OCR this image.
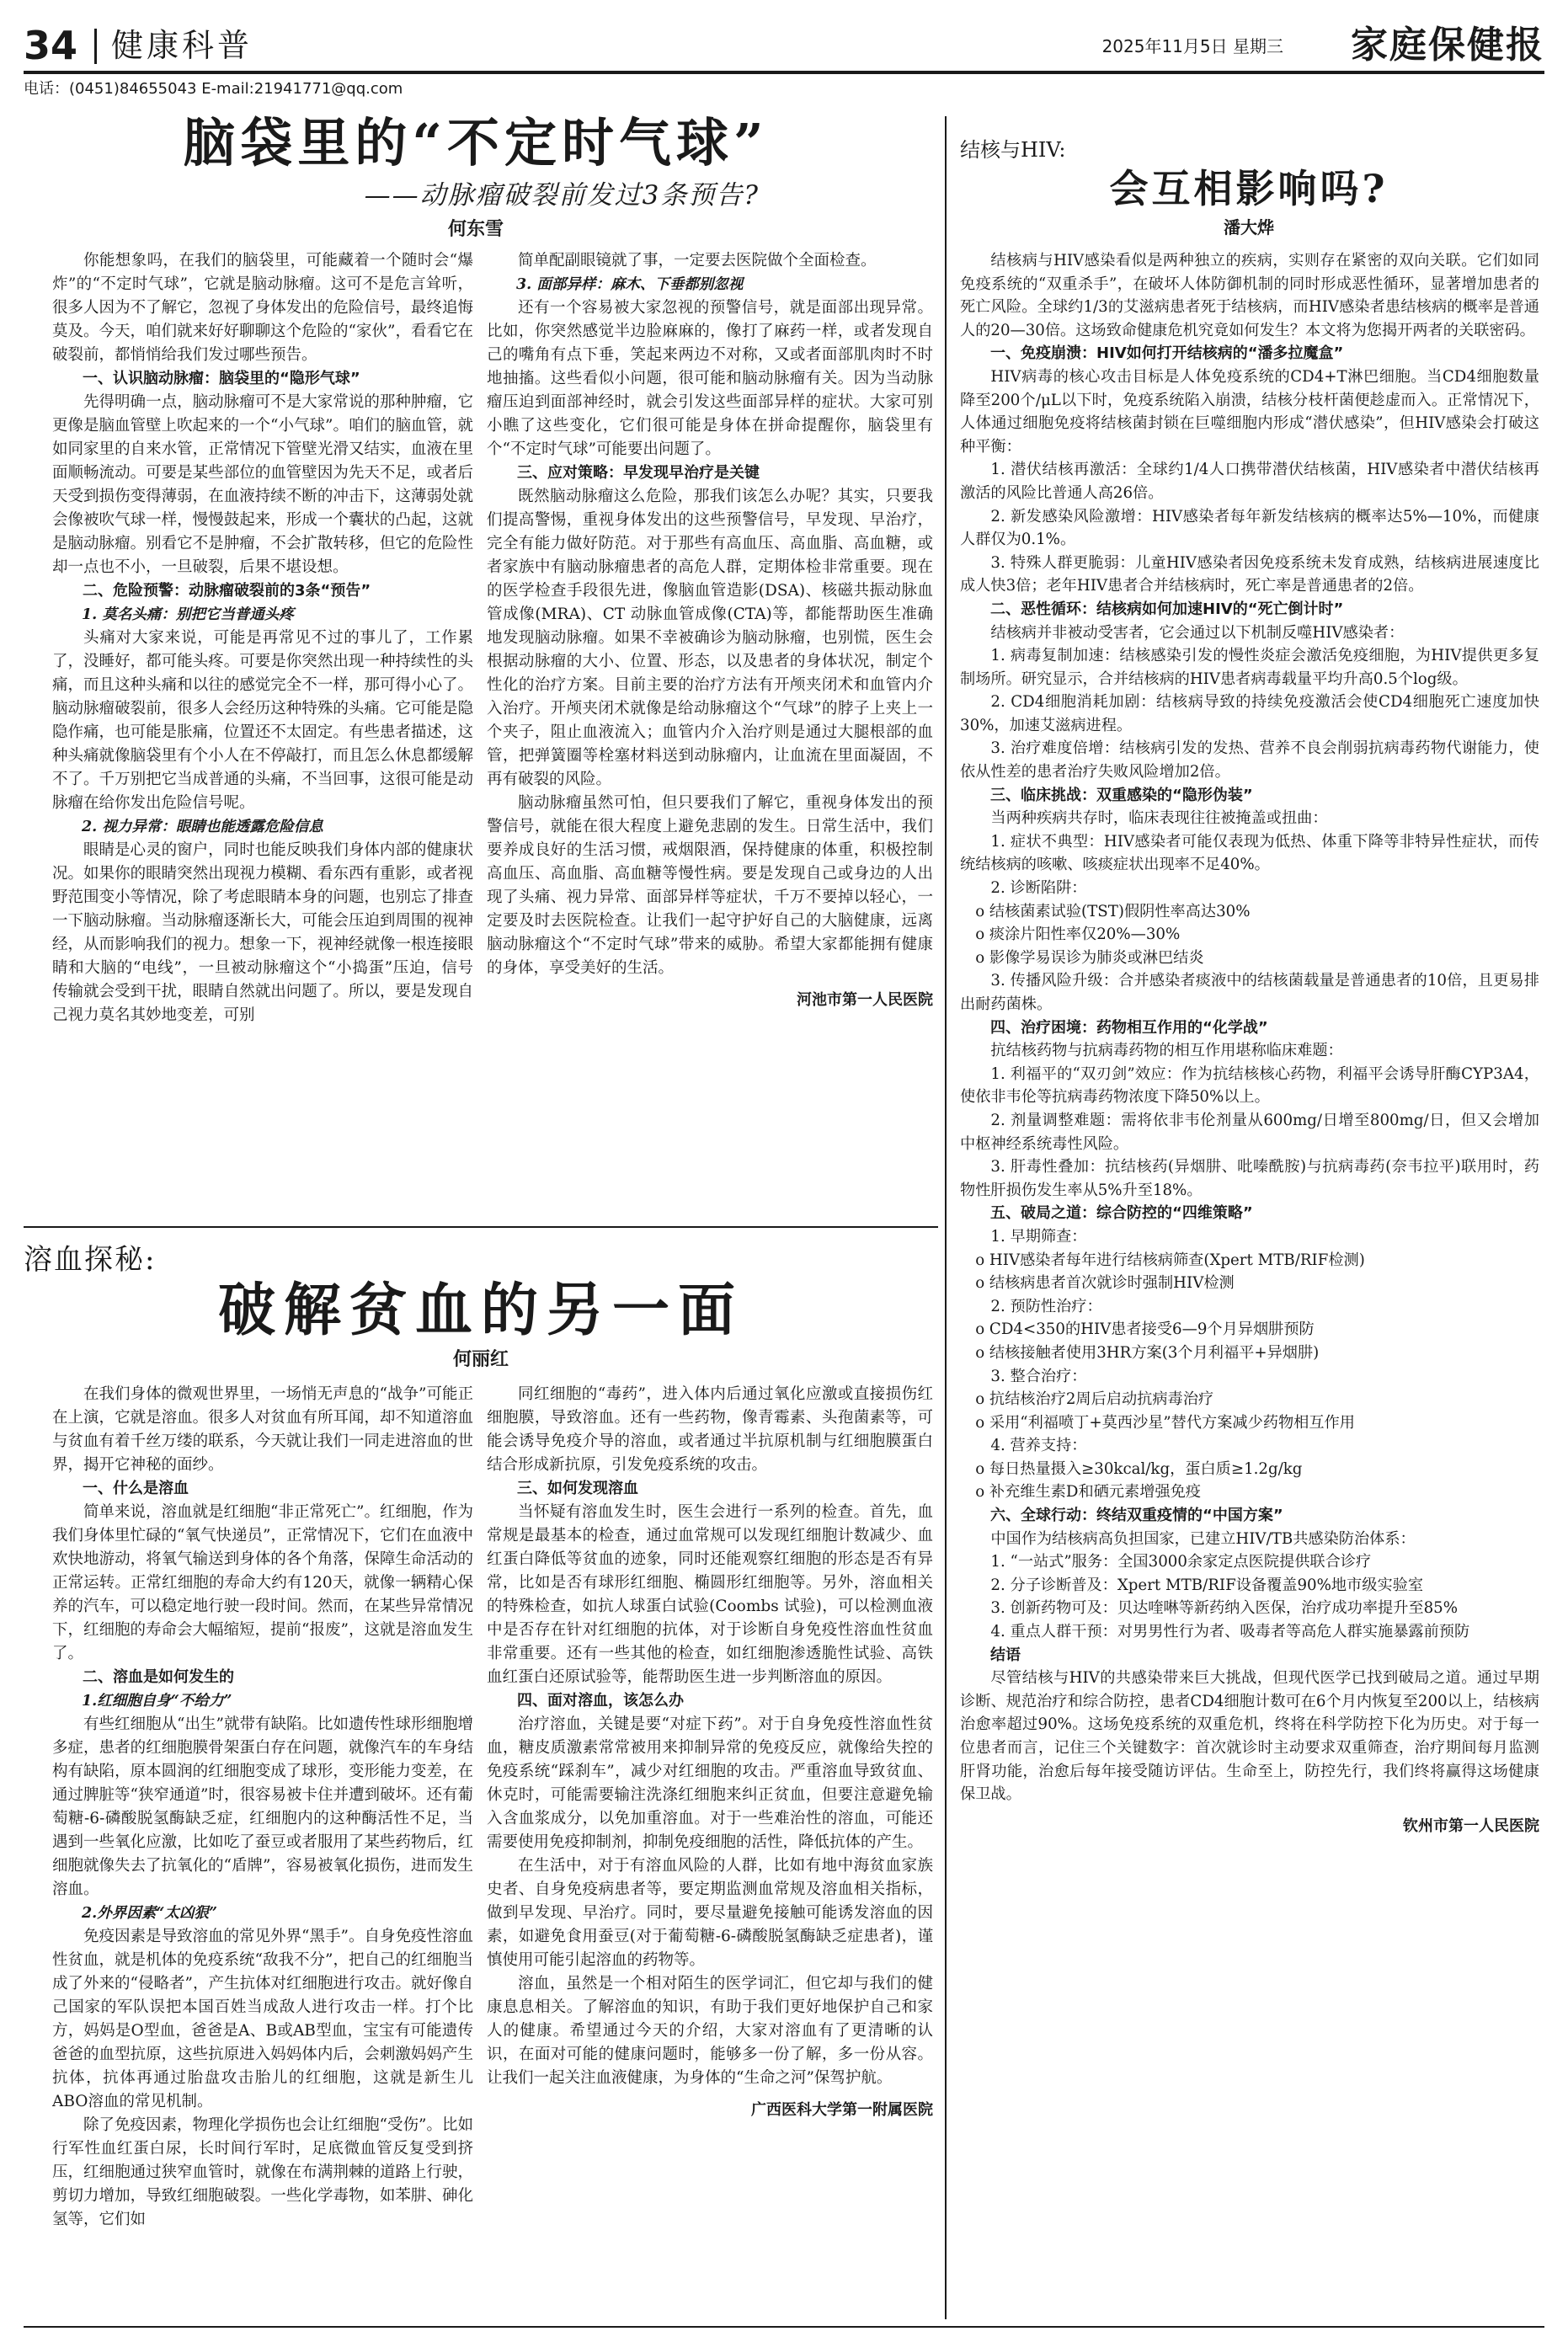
34 健康科普	2025年11月5日 星期三 家庭保健报
电话：(0451)84655043 E-mail:21941771@qq.com
脑袋里的“不定时气球”
——动脉瘤破裂前发过3条预告?
何东雪

你能想象吗，在我们的脑袋里，可能藏着一个随时会“爆炸”的“不定时气球”，它就是脑动脉瘤。这可不是危言耸听，很多人因为不了解它，忽视了身体发出的危险信号，最终追悔莫及。今天，咱们就来好好聊聊这个危险的“家伙”，看看它在破裂前，都悄悄给我们发过哪些预告。

一、认识脑动脉瘤：脑袋里的“隐形气球”

先得明确一点，脑动脉瘤可不是大家常说的那种肿瘤，它更像是脑血管壁上吹起来的一个“小气球”。咱们的脑血管，就如同家里的自来水管，正常情况下管壁光滑又结实，血液在里面顺畅流动。可要是某些部位的血管壁因为先天不足，或者后天受到损伤变得薄弱，在血液持续不断的冲击下，这薄弱处就会像被吹气球一样，慢慢鼓起来，形成一个囊状的凸起，这就是脑动脉瘤。别看它不是肿瘤，不会扩散转移，但它的危险性却一点也不小，一旦破裂，后果不堪设想。

二、危险预警：动脉瘤破裂前的3条“预告”

1. 莫名头痛：别把它当普通头疼

头痛对大家来说，可能是再常见不过的事儿了，工作累了，没睡好，都可能头疼。可要是你突然出现一种持续性的头痛，而且这种头痛和以往的感觉完全不一样，那可得小心了。脑动脉瘤破裂前，很多人会经历这种特殊的头痛。它可能是隐隐作痛，也可能是胀痛，位置还不太固定。有些患者描述，这种头痛就像脑袋里有个小人在不停敲打，而且怎么休息都缓解不了。千万别把它当成普通的头痛，不当回事，这很可能是动脉瘤在给你发出危险信号呢。

2. 视力异常：眼睛也能透露危险信息

眼睛是心灵的窗户，同时也能反映我们身体内部的健康状况。如果你的眼睛突然出现视力模糊、看东西有重影，或者视野范围变小等情况，除了考虑眼睛本身的问题，也别忘了排查一下脑动脉瘤。当动脉瘤逐渐长大，可能会压迫到周围的视神经，从而影响我们的视力。想象一下，视神经就像一根连接眼睛和大脑的“电线”，一旦被动脉瘤这个“小捣蛋”压迫，信号传输就会受到干扰，眼睛自然就出问题了。所以，要是发现自己视力莫名其妙地变差，可别

简单配副眼镜就了事，一定要去医院做个全面检查。

3. 面部异样：麻木、下垂都别忽视

还有一个容易被大家忽视的预警信号，就是面部出现异常。比如，你突然感觉半边脸麻麻的，像打了麻药一样，或者发现自己的嘴角有点下垂，笑起来两边不对称，又或者面部肌肉时不时地抽搐。这些看似小问题，很可能和脑动脉瘤有关。因为当动脉瘤压迫到面部神经时，就会引发这些面部异样的症状。大家可别小瞧了这些变化，它们很可能是身体在拼命提醒你，脑袋里有个“不定时气球”可能要出问题了。

三、应对策略：早发现早治疗是关键

既然脑动脉瘤这么危险，那我们该怎么办呢？其实，只要我们提高警惕，重视身体发出的这些预警信号，早发现、早治疗，完全有能力做好防范。对于那些有高血压、高血脂、高血糖，或者家族中有脑动脉瘤患者的高危人群，定期体检非常重要。现在的医学检查手段很先进，像脑血管造影(DSA)、核磁共振动脉血管成像(MRA)、CT 动脉血管成像(CTA)等，都能帮助医生准确地发现脑动脉瘤。如果不幸被确诊为脑动脉瘤，也别慌，医生会根据动脉瘤的大小、位置、形态，以及患者的身体状况，制定个性化的治疗方案。目前主要的治疗方法有开颅夹闭术和血管内介入治疗。开颅夹闭术就像是给动脉瘤这个“气球”的脖子上夹上一个夹子，阻止血液流入；血管内介入治疗则是通过大腿根部的血管，把弹簧圈等栓塞材料送到动脉瘤内，让血流在里面凝固，不再有破裂的风险。

脑动脉瘤虽然可怕，但只要我们了解它，重视身体发出的预警信号，就能在很大程度上避免悲剧的发生。日常生活中，我们要养成良好的生活习惯，戒烟限酒，保持健康的体重，积极控制高血压、高血脂、高血糖等慢性病。要是发现自己或身边的人出现了头痛、视力异常、面部异样等症状，千万不要掉以轻心，一定要及时去医院检查。让我们一起守护好自己的大脑健康，远离脑动脉瘤这个“不定时气球”带来的威胁。希望大家都能拥有健康的身体，享受美好的生活。

河池市第一人民医院

溶血探秘:
破解贫血的另一面
何丽红

在我们身体的微观世界里，一场悄无声息的“战争”可能正在上演，它就是溶血。很多人对贫血有所耳闻，却不知道溶血与贫血有着千丝万缕的联系，今天就让我们一同走进溶血的世界，揭开它神秘的面纱。

一、什么是溶血

简单来说，溶血就是红细胞“非正常死亡”。红细胞，作为我们身体里忙碌的“氧气快递员”，正常情况下，它们在血液中欢快地游动，将氧气输送到身体的各个角落，保障生命活动的正常运转。正常红细胞的寿命大约有120天，就像一辆精心保养的汽车，可以稳定地行驶一段时间。然而，在某些异常情况下，红细胞的寿命会大幅缩短，提前“报废”，这就是溶血发生了。

二、溶血是如何发生的

1.红细胞自身“不给力”

有些红细胞从“出生”就带有缺陷。比如遗传性球形细胞增多症，患者的红细胞膜骨架蛋白存在问题，就像汽车的车身结构有缺陷，原本圆润的红细胞变成了球形，变形能力变差，在通过脾脏等“狭窄通道”时，很容易被卡住并遭到破坏。还有葡萄糖-6-磷酸脱氢酶缺乏症，红细胞内的这种酶活性不足，当遇到一些氧化应激，比如吃了蚕豆或者服用了某些药物后，红细胞就像失去了抗氧化的“盾牌”，容易被氧化损伤，进而发生溶血。

2.外界因素“太凶狠”

免疫因素是导致溶血的常见外界“黑手”。自身免疫性溶血性贫血，就是机体的免疫系统“敌我不分”，把自己的红细胞当成了外来的“侵略者”，产生抗体对红细胞进行攻击。就好像自己国家的军队误把本国百姓当成敌人进行攻击一样。打个比方，妈妈是O型血，爸爸是A、B或AB型血，宝宝有可能遗传爸爸的血型抗原，这些抗原进入妈妈体内后，会刺激妈妈产生抗体，抗体再通过胎盘攻击胎儿的红细胞，这就是新生儿ABO溶血的常见机制。

除了免疫因素，物理化学损伤也会让红细胞“受伤”。比如行军性血红蛋白尿，长时间行军时，足底微血管反复受到挤压，红细胞通过狭窄血管时，就像在布满荆棘的道路上行驶，剪切力增加，导致红细胞破裂。一些化学毒物，如苯肼、砷化氢等，它们如

同红细胞的“毒药”，进入体内后通过氧化应激或直接损伤红细胞膜，导致溶血。还有一些药物，像青霉素、头孢菌素等，可能会诱导免疫介导的溶血，或者通过半抗原机制与红细胞膜蛋白结合形成新抗原，引发免疫系统的攻击。

三、如何发现溶血

当怀疑有溶血发生时，医生会进行一系列的检查。首先，血常规是最基本的检查，通过血常规可以发现红细胞计数减少、血红蛋白降低等贫血的迹象，同时还能观察红细胞的形态是否有异常，比如是否有球形红细胞、椭圆形红细胞等。另外，溶血相关的特殊检查，如抗人球蛋白试验(Coombs 试验)，可以检测血液中是否存在针对红细胞的抗体，对于诊断自身免疫性溶血性贫血非常重要。还有一些其他的检查，如红细胞渗透脆性试验、高铁血红蛋白还原试验等，能帮助医生进一步判断溶血的原因。

四、面对溶血，该怎么办

治疗溶血，关键是要“对症下药”。对于自身免疫性溶血性贫血，糖皮质激素常常被用来抑制异常的免疫反应，就像给失控的免疫系统“踩刹车”，减少对红细胞的攻击。严重溶血导致贫血、休克时，可能需要输注洗涤红细胞来纠正贫血，但要注意避免输入含血浆成分，以免加重溶血。对于一些难治性的溶血，可能还需要使用免疫抑制剂，抑制免疫细胞的活性，降低抗体的产生。

在生活中，对于有溶血风险的人群，比如有地中海贫血家族史者、自身免疫病患者等，要定期监测血常规及溶血相关指标，做到早发现、早治疗。同时，要尽量避免接触可能诱发溶血的因素，如避免食用蚕豆(对于葡萄糖-6-磷酸脱氢酶缺乏症患者)，谨慎使用可能引起溶血的药物等。

溶血，虽然是一个相对陌生的医学词汇，但它却与我们的健康息息相关。了解溶血的知识，有助于我们更好地保护自己和家人的健康。希望通过今天的介绍，大家对溶血有了更清晰的认识，在面对可能的健康问题时，能够多一份了解，多一份从容。让我们一起关注血液健康，为身体的“生命之河”保驾护航。

广西医科大学第一附属医院

结核与HIV:
会互相影响吗?
潘大烨

结核病与HIV感染看似是两种独立的疾病，实则存在紧密的双向关联。它们如同免疫系统的“双重杀手”，在破坏人体防御机制的同时形成恶性循环，显著增加患者的死亡风险。全球约1/3的艾滋病患者死于结核病，而HIV感染者患结核病的概率是普通人的20—30倍。这场致命健康危机究竟如何发生？本文将为您揭开两者的关联密码。

一、免疫崩溃：HIV如何打开结核病的“潘多拉魔盒”

HIV病毒的核心攻击目标是人体免疫系统的CD4+T淋巴细胞。当CD4细胞数量降至200个/μL以下时，免疫系统陷入崩溃，结核分枝杆菌便趁虚而入。正常情况下，人体通过细胞免疫将结核菌封锁在巨噬细胞内形成“潜伏感染”，但HIV感染会打破这种平衡：

1. 潜伏结核再激活：全球约1/4人口携带潜伏结核菌，HIV感染者中潜伏结核再激活的风险比普通人高26倍。

2. 新发感染风险激增：HIV感染者每年新发结核病的概率达5%—10%，而健康人群仅为0.1%。

3. 特殊人群更脆弱：儿童HIV感染者因免疫系统未发育成熟，结核病进展速度比成人快3倍；老年HIV患者合并结核病时，死亡率是普通患者的2倍。

二、恶性循环：结核病如何加速HIV的“死亡倒计时”

结核病并非被动受害者，它会通过以下机制反噬HIV感染者：

1. 病毒复制加速：结核感染引发的慢性炎症会激活免疫细胞，为HIV提供更多复制场所。研究显示，合并结核病的HIV患者病毒载量平均升高0.5个log级。

2. CD4细胞消耗加剧：结核病导致的持续免疫激活会使CD4细胞死亡速度加快30%，加速艾滋病进程。

3. 治疗难度倍增：结核病引发的发热、营养不良会削弱抗病毒药物代谢能力，使依从性差的患者治疗失败风险增加2倍。

三、临床挑战：双重感染的“隐形伪装”

当两种疾病共存时，临床表现往往被掩盖或扭曲：

1. 症状不典型：HIV感染者可能仅表现为低热、体重下降等非特异性症状，而传统结核病的咳嗽、咳痰症状出现率不足40%。

2. 诊断陷阱：

o 结核菌素试验(TST)假阴性率高达30%

o 痰涂片阳性率仅20%—30%

o 影像学易误诊为肺炎或淋巴结炎

3. 传播风险升级：合并感染者痰液中的结核菌载量是普通患者的10倍，且更易排出耐药菌株。

四、治疗困境：药物相互作用的“化学战”

抗结核药物与抗病毒药物的相互作用堪称临床难题：

1. 利福平的“双刃剑”效应：作为抗结核核心药物，利福平会诱导肝酶CYP3A4，使依非韦伦等抗病毒药物浓度下降50%以上。

2. 剂量调整难题：需将依非韦伦剂量从600mg/日增至800mg/日，但又会增加中枢神经系统毒性风险。

3. 肝毒性叠加：抗结核药(异烟肼、吡嗪酰胺)与抗病毒药(奈韦拉平)联用时，药物性肝损伤发生率从5%升至18%。

五、破局之道：综合防控的“四维策略”

1. 早期筛查：

o HIV感染者每年进行结核病筛查(Xpert MTB/RIF检测)

o 结核病患者首次就诊时强制HIV检测

2. 预防性治疗：

o CD4<350的HIV患者接受6—9个月异烟肼预防

o 结核接触者使用3HR方案(3个月利福平+异烟肼)

3. 整合治疗：

o 抗结核治疗2周后启动抗病毒治疗

o 采用“利福喷丁+莫西沙星”替代方案减少药物相互作用

4. 营养支持：

o 每日热量摄入≥30kcal/kg，蛋白质≥1.2g/kg

o 补充维生素D和硒元素增强免疫

六、全球行动：终结双重疫情的“中国方案”

中国作为结核病高负担国家，已建立HIV/TB共感染防治体系：

1. “一站式”服务：全国3000余家定点医院提供联合诊疗

2. 分子诊断普及：Xpert MTB/RIF设备覆盖90%地市级实验室

3. 创新药物可及：贝达喹啉等新药纳入医保，治疗成功率提升至85%

4. 重点人群干预：对男男性行为者、吸毒者等高危人群实施暴露前预防

结语

尽管结核与HIV的共感染带来巨大挑战，但现代医学已找到破局之道。通过早期诊断、规范治疗和综合防控，患者CD4细胞计数可在6个月内恢复至200以上，结核病治愈率超过90%。这场免疫系统的双重危机，终将在科学防控下化为历史。对于每一位患者而言，记住三个关键数字：首次就诊时主动要求双重筛查，治疗期间每月监测肝肾功能，治愈后每年接受随访评估。生命至上，防控先行，我们终将赢得这场健康保卫战。

钦州市第一人民医院
